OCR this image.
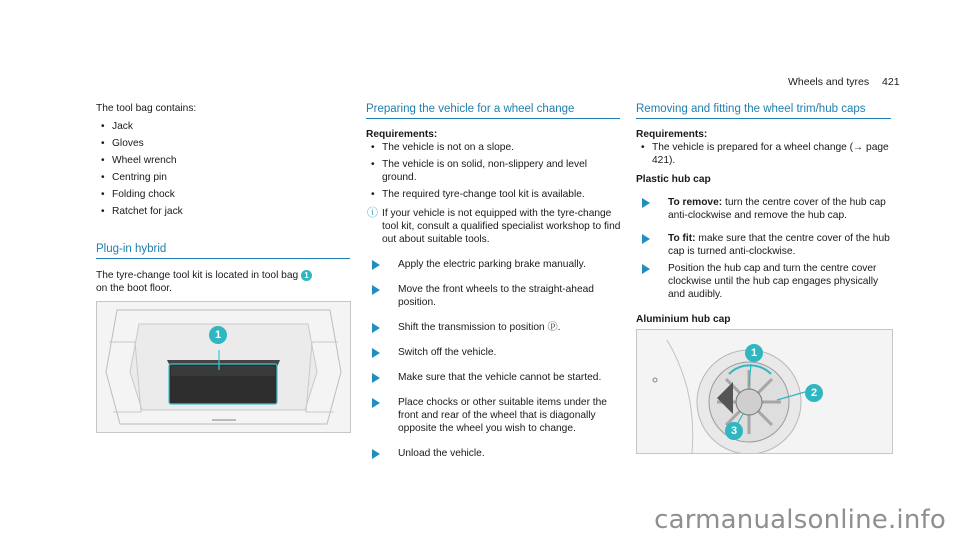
Wheels and tyres 421
The tool bag contains:
• Jack
• Gloves
• Wheel wrench
• Centring pin
• Folding chock
• Ratchet for jack
Plug-in hybrid
The tyre-change tool kit is located in tool bag 1
on the boot floor.
1
Preparing the vehicle for a wheel change
Requirements:
• The vehicle is not on a slope.
• The vehicle is on solid, non-slippery and level ground.
• The required tyre-change tool kit is available.
ⓘ If your vehicle is not equipped with the tyre-change tool kit, consult a qualified specialist workshop to find out about suitable tools.
Apply the electric parking brake manually.
Move the front wheels to the straight-ahead position.
Shift the transmission to position ⓟ.
Switch off the vehicle.
Make sure that the vehicle cannot be started.
Place chocks or other suitable items under the front and rear of the wheel that is diagonally opposite the wheel you wish to change.
Unload the vehicle.
Removing and fitting the wheel trim/hub caps
Requirements:
• The vehicle is prepared for a wheel change (→ page 421).
Plastic hub cap
To remove: turn the centre cover of the hub cap anti-clockwise and remove the hub cap.
To fit: make sure that the centre cover of the hub cap is turned anti-clockwise.
Position the hub cap and turn the centre cover clockwise until the hub cap engages physically and audibly.
Aluminium hub cap
1
2
3
carmanualsonline.info
